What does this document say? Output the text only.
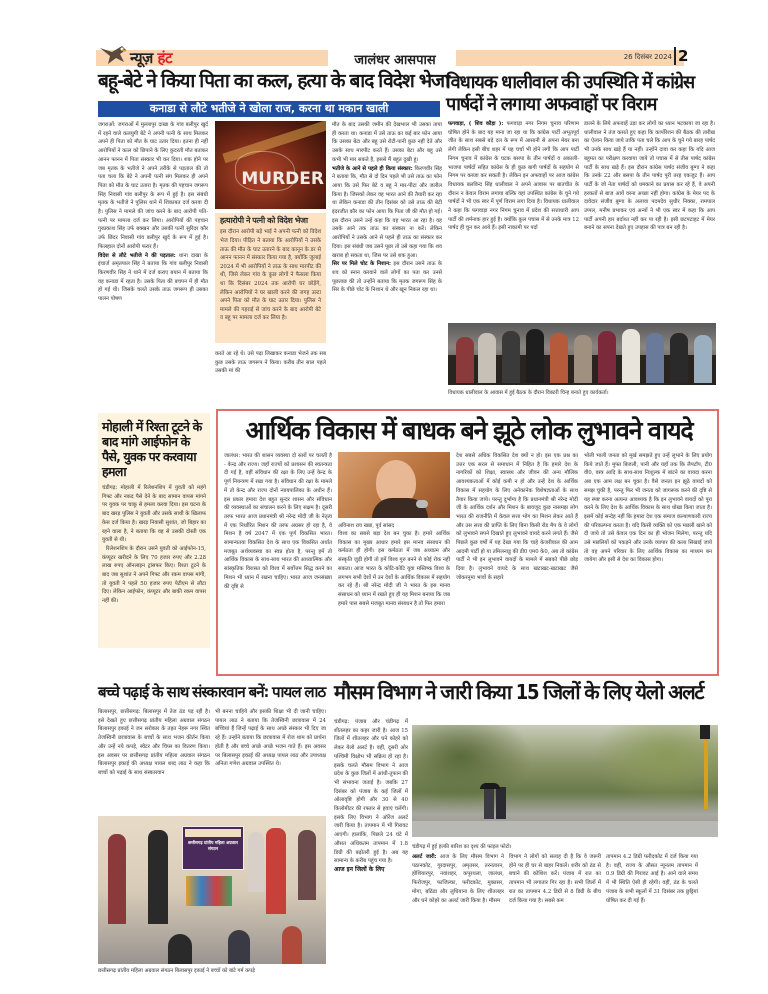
न्यूज़ हंट	जालंधर आसपास	26 दिसंबर 2024 2
बहू-बेटे ने किया पिता का कत्ल, हत्या के बाद विदेश भेजा
कनाडा से लौटे भतीजे ने खोला राज, करना था मकान खाली
जगराओं: जगराओं में मुल्लापुर दाखा के गांव बलीपुर खुर्द में रहने वाले कलयुगी बेटे ने अपनी पत्नी के साथ मिलकर अपने ही पिता को मौत के घाट उतार दिया। इतना ही नहीं आरोपियों ने कत्ल को छिपाने के लिए कुदरती मौत बताकर आनन फानन में पिता संस्कार भी कर दिया। शक होने पर जब मृतक के भतीजे ने अपने तरीके से पड़ताल की तो पता चला कि बेटे ने अपनी पत्नी संग मिलकर ही अपने पिता को मौत के घाट उतारा है। मृतक की पहचान जगरूप सिंह निवासी गांव बलीपुर के रूप में हुई है। इस संबंधी मृतक के भतीजे ने पुलिस थाने में शिकायत दर्ज करवा दी है। पुलिस ने मामले की जांच करने के बाद आरोपी पति-पत्नी पर मामला दर्ज कर लिया। आरोपियों की पहचान गुरप्रकाश सिंह उर्फ बक्खन और उसकी पत्नी सुरिंदर कौर उर्फ छिंदर निवासी गांव बलीपुर खुर्द के रूप में हुई है। फिलहाल दोनों आरोपी फरार हैं।
विदेश से लौटे भतीजे ने की पड़ताल: थाना दाखा के इंचार्ज अमृतपाल सिंह ने बताया कि गांव बलीपुर निवासी किरणवीर सिंह ने थाने में दर्ज कराए बयान में बताया कि वह कनाडा में रहता है। उसके पिता की बचपन में ही मौत हो गई थी। जिसके चलते उसके ताऊ जगरूप ही उसका पालन पोषण
MURDER
हत्यारोपी ने पत्नी को विदेश भेजा
इस दौरान आरोपी बड़े भाई ने अपनी पत्नी को विदेश भेज दिया। पीड़ित ने बताया कि आरोपियों ने उसके ताऊ की मौत के घाट उतारने के बाद कानून के डर से आनन फानन में संस्कार किया गया है, क्योंकि जुलाई 2024 में भी आरोपियों ने ताऊ के साथ मारपीट की थी, जिसे लेकर गांव के कुछ लोगों ने फैसला किया था कि दिसंबर 2024 तक आरोपी घर छोड़ेंगे, लेकिन आरोपियों ने घर खाली करने की जगह उल्टा अपने पिता को मौत के घाट उतार दिया। पुलिस ने मामले की गहराई से जांच करने के बाद आरोपी बेटे व बहू पर मामला दर्ज कर लिया है।
करते आ रहे थे। उसे पढ़ा लिखाकर कनाडा भेजने तक सब कुछ उसके ताऊ जगरूप ने किया। करीब तीन साल पहले उसकी मां की
मौत के बाद उसकी जमीन की देखभाल भी उसका ताया ही करता था। कनाडा में उसे ताऊ का कई बार फोन आया कि उसका बेटा और बहू उसे रोटी-पानी कुछ नहीं देते और उसके साथ मारपीट करते हैं। उसका बेटा और बहू उसे कभी भी मार सकते है, इससे मैं बहुत दुखी हूं।
भतीजे के आने से पहले ही किया संस्कार: किरणवीर सिंह ने बताया कि, मौत से दो दिन पहले भी उसे ताऊ का फोन आया कि उसे फिर बेटे व बहू ने मार-पीटा और जलील किया है। जिसको लेकर वह भारत आने की तैयारी कर रहा था लेकिन कनाडा की तीन दिसंबर को उसे ताऊ की बेटी इंदरजीत कौर का फोन आया कि पिता जी की मौत हो गई। इस दौरान उसने उन्हें कहा कि वह भारत आ रहा है। वह उसके आने तक ताऊ का संस्कार ना करें। लेकिन आरोपियों ने उसके आने से पहले ही ताऊ का संस्कार कर दिया। इस संबंधी जब उसने पूछा तो उसे कहा गया कि शव खराब हो सकता था, जिस पर उसे शक हुआ।
सिर पर मिले चोट के निशान: इस दौरान उसने ताऊ के शव को स्नान करवाने वाले लोगों का पता कर उनसे पूछताछ की तो उन्होंने बताया कि मृतक जगरूप सिंह के सिर के पीछे चोट के निशान थे और खून निकल रहा था।
विधायक धालीवाल की उपस्थिति में कांग्रेस पार्षदों ने लगाया अफवाहों पर विराम
फगवाड़ा, ( शिव कौड़ा ): फगवाड़ा नगर निगम चुनाव परिणाम घोषित होने के बाद यह माना जा रहा था कि कांग्रेस पार्टी अभूतपूर्व जीत के साथ सबसे बड़े दल के रूप में आसानी से अपना मेयर बना लेगी लेकिन इसी बीच शहर में यह चर्चा भी होने लगी कि आप पार्टी निगम चुनाव में कांग्रेस के घटक बसपा के तीन पार्षदों व अकाली-भाजपा पार्षदों सहित कांग्रेस के ही कुछ बागी पार्षदों के सहयोग से निगम पर कब्जा कर सकती है। लेकिन इन अफवाहों पर आज कांग्रेस विधायक बलविन्द सिंह धालीवाल ने अपने आवास पर बातचीत के दौरान न केवल विराम लगाया बल्कि वहां उपस्थित कांग्रेस के चुने गये पार्षदों ने भी एक स्वर में पूर्ण विराम लगा दिया है। विधायक धालीवाल ने कहा कि फगवाड़ा नगर निगम चुनाव में प्रदेश की सत्ताधारी आप पार्टी की शर्मनाक हार हुई है। क्योंकि कुल पचास में से उनके मात्र 12 पार्षद ही चुन कर आये हैं। इसी नाकामी पर पर्दा
डालने के लिये अफवाहें उड़ा कर लोगों का ध्यान भटकाया जा रहा है। धालीवाल ने तंज कसते हुए कहा कि कार्पोरेशन की बैठक की तारीख का ऐलान किया जाये ताकि पता चले कि आप के चुने गये बारह पार्षद भी उनके साथ खड़े हैं या नहीं। उन्होंने दावा कर कहा कि यदि आज बहुमत का परीक्षण करवाया जाये तो पचास में से तीस पार्षद कांग्रेस पार्टी के साथ खड़े हैं। इस दौरान कांग्रेस पार्षद संजीव बुग्गा ने कहा कि उनके 22 और बसपा के तीन पार्षद पूरी तरह एकजुट हैं। आप पार्टी के जो नेता पार्षदों को धमकाने का प्रयास कर रहे हैं, वे अपनी हरकतों से बाज आयें वरना अच्छा नहीं होगा। कांग्रेस के मेयर पद के दावेदार संजीव बुग्गा के अलावा पदमदेव सुधीर निक्का, रामपाल उप्पल, मनीष प्रभाकर एवं अन्यों ने भी एक स्वर में कहा कि आप पार्टी अपनी हार बर्दाश्त नहीं कर पा रही है। इसी छटपटाहट में मेयर बनाने का सपना देखते हुए उपहास की पात्र बन रही है।
विधायक धालीवाल के आवास में हुई बैठक के दौरान विक्टरी चिन्ह बनाते हुए कार्यकर्ता।
मोहाली में रिश्ता टूटने के बाद मांगे आईफोन के पैसे, युवक पर करवाया हमला
चंडीगढ़: मोहाली में रिलेशनशिप में युवती को महंगे गिफ्ट और नकद पैसे देने के बाद सामान वापस मांगने पर युवक पर चाकू से हमला करवा दिया। इस घटना के बाद खरड़ पुलिस ने युवती और उसके साथी के खिलाफ केस दर्ज किया है। खरड़ निवासी सुशांत, जो बिहार का रहने वाला है, ने बताया कि वह से उसकी दोस्ती एक युवती से थी।
रिलेशनशिप के दौरान उसने युवती को आईफोन-15, कंप्यूटर खरीदने के लिए 70 हजार रुपए और 2.28 लाख रुपए ऑनलाइन ट्रांसफर किए। रिश्ता टूटने के बाद जब सुशांत ने अपने गिफ्ट और रकम वापस मांगी, तो युवती ने पहले 50 हजार रुपए पेटीएम से लौटा दिए। लेकिन आईफोन, कंप्यूटर और बाकी रकम वापस नहीं की।
आर्थिक विकास में बाधक बने झूठे लोक लुभावने वायदे
जालंधर: भारत की शासन व्यवस्था दो स्तरों पर चलती है - केन्द्र और राज्य। जहाँ राज्यों को प्रशासन की स्वतन्त्रता दी गई है, वहीं संविधान की रक्षा के लिए उन्हें केन्द्र के पूर्ण नियन्त्रण में रखा गया है। संविधान की रक्षा के मामले में तो केन्द्र और राज्य दोनों न्यायपालिका के अधीन हैं। इस प्रकार हमारा देश बहुत सुन्दर शासन और संविधान की व्यवस्थाओं का संचालन करने के लिए सक्षम है। दूसरी तरफ भारत आज प्रधानमंत्री श्री नरेन्द्र मोदी जी के नेतृत्व में एक निर्धारित मिशन की तरफ अग्रसर हो रहा है, वे मिशन है वर्ष 2047 में एक पूर्ण विकसित भारत। सामान्यतया विकसित देश के साथ एक विकसित अर्थात मजबूत अर्थव्यवस्था का स्वप्न होता है, परन्तु हमें तो आर्थिक विकास के साथ-साथ भारत की आध्यात्मिक और सांस्कृतिक विरासत को विश्व में सर्वोत्तम सिद्ध करने का मिशन भी ध्यान में रखना चाहिए। भारत आज जनसंख्या की दृष्टि से
अविनाश राय खन्ना, पूर्व सांसद
विश्व का सबसे बड़ा देश बन चुका है। हमारे आर्थिक विकास का मुख्य आधार हमारे इस मानव संसाधन की कर्मठता ही होगी। इस कर्मठता में जब अध्यात्म और संस्कृति जुड़ी होगी तो हमें विश्व गुरु बनने से कोई रोक नहीं सकता। आज भारत के कोटि-कोटि युवा मस्तिष्क विश्व के लगभग सभी देशों में उन देशों के आर्थिक विकास में सहयोग कर रहे हैं। श्री नरेन्द्र मोदी जी ने भारत के इस मानव संसाधन को ध्यान में रखते हुए ही यह मिशन बनाया कि जब हमारे पास सबसे मजबूत मानव संसाधन है तो फिर हमारा
देश सबसे अधिक विकसित देश क्यों न हो। इस एक प्रश्न का उत्तर एक सरल से समाधान में निहित है कि हमारे देश के नागरिकों को शिक्षा, स्वास्थ्य और जीवन की अन्य मौलिक आवश्यकताओं में कोई कमी न हो और उन्हें देश के आर्थिक विकास में सहयोग के लिए अनेकानेक विशेषज्ञताओं के साथ तैयार किया जाये। परन्तु दुर्भाग्य है कि प्रधानमंत्री श्री नरेन्द्र मोदी जी के आर्थिक दर्शन और मिशन के बावजूद कुछ नासमझ लोग भारत की राजनीति में केवल सत्ता भोग का मिशन लेकर आते हैं और उस सत्ता की प्राप्ति के लिए बिना किसी रोड मैप के वे लोगों को लुभावने सपने दिखाते हुए लुभावने वायदे करने लगते हैं। जैसे पिछले कुछ वर्षों में यह देखा गया कि चाहे केजरीवाल की आम आदमी पार्टी हो या तमिलनाडु की डी0 एम0 के0, अब तो कांग्रेस पार्टी ने भी इन लुभावने वायदों के मामले में सबको पीछे छोड़ दिया है। लुभावने वायदे के साथ खटाखट-खटाखट जैसे जोकरनुमा भावों के सहारे
भोली भाली जनता को मूर्ख समझते हुए उन्हें लुभाने के लिए प्रयोग किये जाते हैं। मुफ्त बिजली, पानी और यहाँ तक कि लैपटॉप, टी0 वी0, वस्त्र आदि के साथ-साथ निःशुल्क में बांटने का वायदा करना अब एक आम लक्ष बन चुका है। वैसे जनता इन झूठे वायदों को समझ चुकी है, परन्तु फिर भी जनता को जागरूक करने की दृष्टि से यह स्पष्ट करना अत्यन्त आवश्यक है कि इन लुभावने वायदों को पूरा करने के लिए देश के आर्थिक विकास के साथ धोखा किया जाता है। इसमें कोई सन्देह नहीं कि हमारा देश एक समाज कल्याणकारी राज्य की परिकल्पना करता है। यदि किसी व्यक्ति को एक मछली खाने को दी जाये तो उसे केवल एक दिन का ही भोजन मिलेगा, परन्तु यदि उसे मछलियों को पकड़ने और उनके व्यापार की कला सिखाई जाये तो वह अपने परिवार के लिए आर्थिक विकास का माध्यम बन जायेगा और इसी से देश का विकास होगा।
बच्चे पढ़ाई के साथ संस्कारवान बनें: पायल लाठ
बिलासपुर, छत्तीसगढ़: बिलासपुर में तेज ठंड पड़ रही है। इसे देखते हुए छत्तीसगढ़ प्रांतीय महिला अग्रवाल संगठन बिलासपुर इकाई ने जन सरोकार के तहत नेहरू नगर स्थित तेजस्विनी छात्रावास के बच्चों के साथ भजन कीर्तन किया और उन्हें नये कपड़े, स्वेटर और चिप्स का वितरण किया। इस अवसर पर छत्तीसगढ़ प्रांतीय महिला अग्रवाल संगठन बिलासपुर इकाई की अध्यक्ष पायल शब्द लाठ ने कहा कि बच्चों को पढ़ाई के साथ संस्कारवान
भी बनना चाहिये और इसकी शिक्षा भी दी जानी चाहिए। पायल लाठ ने बताया कि तेजस्विनी छात्रावास में 24 बच्चियां हैं जिन्हें पढ़ाई के साथ अच्छे संस्कार भी दिए जा रहे हैं। उन्होंने बताया कि छात्रावास में रोज शाम को प्रार्थना होती है और बच्चे अच्छे अच्छे भजन गाते हैं। इस अवसर पर बिलासपुर इकाई की अध्यक्ष पायल लाठ और उपाध्यक्ष अनिता गणेश अग्रवाल उपस्थित थे।
छत्तीसगढ़ प्रांतीय महिला अग्रवाल संगठन
छत्तीसगढ़ प्रांतीय महिला अग्रवाल संगठन बिलासपुर इकाई ने बच्चों को बांटे गर्म कपड़े
मौसम विभाग ने जारी किया 15 जिलों के लिए येलो अलर्ट
चंडीगढ़: पंजाब और चंडीगढ़ में शीतलहर का कहर जारी है। आज 15 जिलों में शीतलहर और घने कोहरे को लेकर येलो अलर्ट है। वहीं, दूसरी ओर पश्चिमी विक्षोभ भी सक्रिय हो रहा है। इसके चलते मौसम विभाग ने आज प्रदेश के कुछ जिलों में आंधी-तूफान की भी संभावना जताई है। जबकि 27 दिसंबर को पंजाब के कई जिलों में ओलावृष्टि होगी और 30 से 40 किलोमीटर की रफ्तार से हवाएं चलेंगी। इसके लिए विभाग ने ऑरेंज अलर्ट जारी किया है। तापमान में भी गिरावट आएगी। हालांकि, पिछले 24 घंटे में औसत अधिकतम तापमान में 1.8 डिग्री की बढ़ोतरी हुई है। अब यह सामान्य के करीब पहुंच गया है।
आज इन जिलों के लिए
चंडीगढ़ में हुई हल्की बारिश का दृश्य की फाइल फोटो।
अलर्ट जारी: आज के लिए मौसम विभाग ने पठानकोट, गुरदासपुर, अमृतसर, तरनतारन, होशियारपुर, नवांशहर, कपूरथला, जालंधर, फिरोजपुर, फाजिल्का, फरीदकोट, मुक्तसर, मोगा, बठिंडा और लुधियाना के लिए शीतलहर और घने कोहरे का अलर्ट जारी किया है। मौसम
विभाग ने लोगों को सलाह दी है कि वे जरूरी होने पर ही घर से बाहर निकलें। शरीर को ठंड से बचाने की कोशिश करें। पंजाब में रात का तापमान भी लगातार गिर रहा है। सभी जिलों में रात का तापमान 4.2 डिग्री से 8 डिग्री के बीच दर्ज किया गया है। सबसे कम
तापमान 4.2 डिग्री फरीदकोट में दर्ज किया गया है। वहीं, राज्य के औसत न्यूनतम तापमान में 0.9 डिग्री की गिरावट आई है। आने वाले समय में भी स्थिति ऐसी ही रहेगी। वहीं, ठंड के चलते पंजाब के सभी स्कूलों में 31 दिसंबर तक छुट्टियां घोषित कर दी गई हैं।
